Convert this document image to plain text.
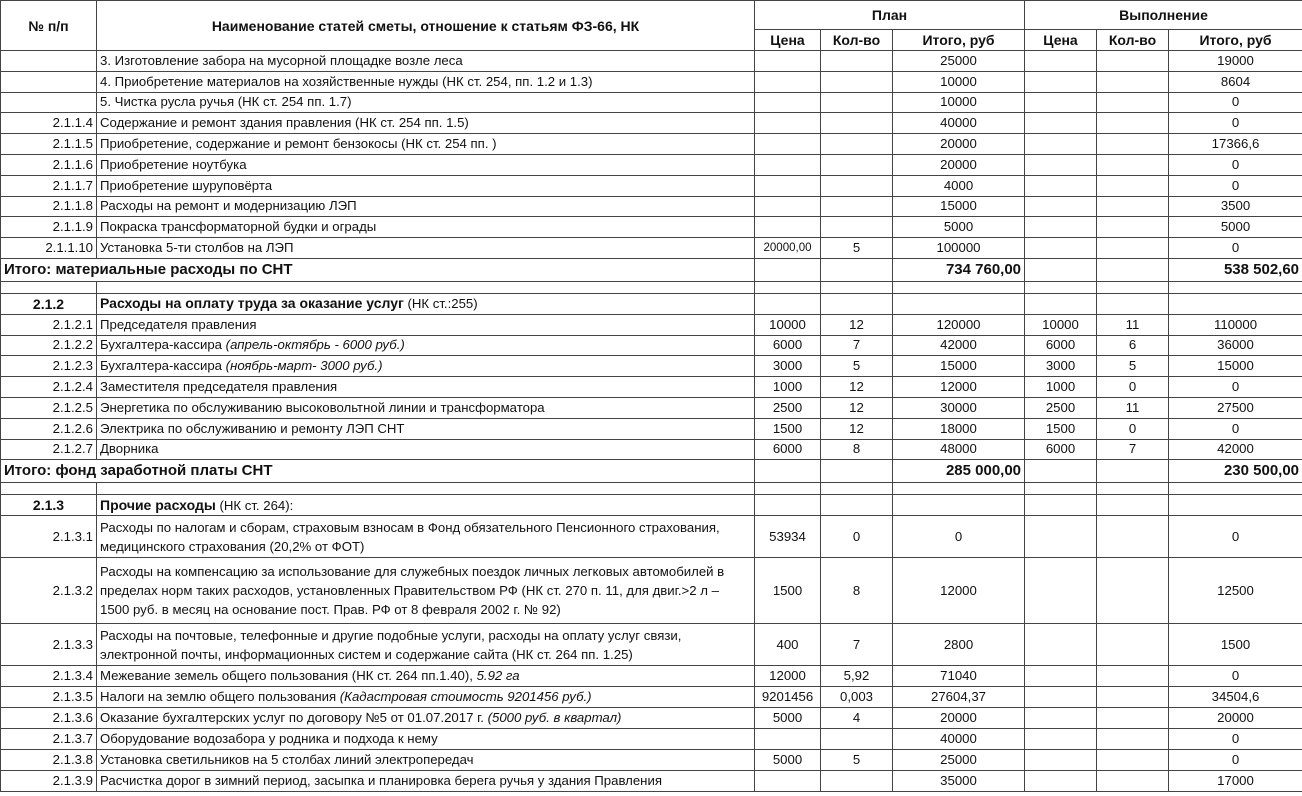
№ п/п	Наименование статей сметы, отношение к статьям ФЗ-66, НК	План			Выполнение		
		Цена	Кол-во	Итого, руб	Цена	Кол-во	Итого, руб
	3. Изготовление забора на мусорной площадке возле леса			25000			19000
	4. Приобретение материалов на хозяйственные нужды (НК ст. 254, пп. 1.2 и 1.3)			10000			8604
	5. Чистка русла ручья (НК ст. 254 пп. 1.7)			10000			0
2.1.1.4	Содержание и ремонт здания правления (НК ст. 254 пп. 1.5)			40000			0
2.1.1.5	Приобретение, содержание и ремонт бензокосы (НК ст. 254 пп. )			20000			17366,6
2.1.1.6	Приобретение ноутбука			20000			0
2.1.1.7	Приобретение шуруповёрта			4000			0
2.1.1.8	Расходы на ремонт и модернизацию ЛЭП			15000			3500
2.1.1.9	Покраска трансформаторной будки и ограды			5000			5000
2.1.1.10	Установка 5-ти столбов на ЛЭП	20000,00	5	100000			0
Итого: материальные расходы по СНТ				734 760,00			538 502,60

2.1.2	Расходы на оплату труда за оказание услуг (НК ст.:255)						
2.1.2.1	Председателя правления	10000	12	120000	10000	11	110000
2.1.2.2	Бухгалтера-кассира (апрель-октябрь - 6000 руб.)	6000	7	42000	6000	6	36000
2.1.2.3	Бухгалтера-кассира (ноябрь-март- 3000 руб.)	3000	5	15000	3000	5	15000
2.1.2.4	Заместителя председателя правления	1000	12	12000	1000	0	0
2.1.2.5	Энергетика по обслуживанию высоковольтной линии и трансформатора	2500	12	30000	2500	11	27500
2.1.2.6	Электрика по обслуживанию и ремонту ЛЭП СНТ	1500	12	18000	1500	0	0
2.1.2.7	Дворника	6000	8	48000	6000	7	42000
Итого: фонд заработной платы СНТ				285 000,00			230 500,00

2.1.3	Прочие расходы (НК ст. 264):						
2.1.3.1	Расходы по налогам и сборам, страховым взносам в Фонд обязательного Пенсионного страхования, медицинского страхования (20,2% от ФОТ)	53934	0	0			0
2.1.3.2	Расходы на компенсацию за использование для служебных поездок личных легковых автомобилей в пределах норм таких расходов, установленных Правительством РФ (НК ст. 270 п. 11, для двиг.>2 л – 1500 руб. в месяц на основание пост. Прав. РФ от 8 февраля 2002 г. № 92)	1500	8	12000			12500
2.1.3.3	Расходы на почтовые, телефонные и другие подобные услуги, расходы на оплату услуг связи, электронной почты, информационных систем и содержание сайта (НК ст. 264 пп. 1.25)	400	7	2800			1500
2.1.3.4	Межевание земель общего пользования (НК ст. 264 пп.1.40), 5.92 га	12000	5,92	71040			0
2.1.3.5	Налоги на землю общего пользования (Кадастровая стоимость 9201456 руб.)	9201456	0,003	27604,37			34504,6
2.1.3.6	Оказание бухгалтерских услуг по договору №5 от 01.07.2017 г. (5000 руб. в квартал)	5000	4	20000			20000
2.1.3.7	Оборудование водозабора у родника и подхода к нему			40000			0
2.1.3.8	Установка светильников на 5 столбах линий электропередач	5000	5	25000			0
2.1.3.9	Расчистка дорог в зимний период, засыпка и планировка берега ручья у здания Правления			35000			17000
